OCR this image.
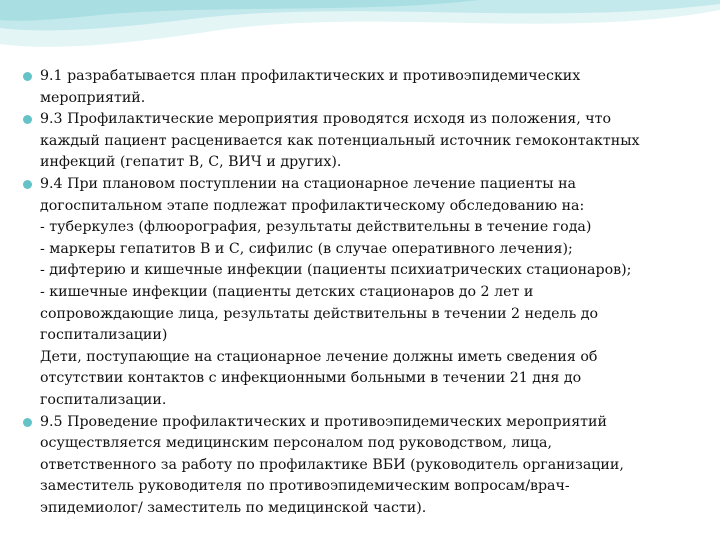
9.1 разрабатывается план профилактических и противоэпидемических
мероприятий.
9.3 Профилактические мероприятия проводятся исходя из положения, что
каждый пациент расценивается как потенциальный источник гемоконтактных
инфекций (гепатит В, С, ВИЧ и других).
9.4 При плановом поступлении на стационарное лечение пациенты на
догоспитальном этапе подлежат профилактическому обследованию на:
- туберкулез (флюорография, результаты действительны в течение года)
- маркеры гепатитов В и С, сифилис (в случае оперативного лечения);
- дифтерию и кишечные инфекции (пациенты психиатрических стационаров);
- кишечные инфекции (пациенты детских стационаров до 2 лет и
сопровождающие лица, результаты действительны в течении 2 недель до
госпитализации)
Дети, поступающие на стационарное лечение должны иметь сведения об
отсутствии контактов с инфекционными больными в течении 21 дня до
госпитализации.
9.5 Проведение профилактических и противоэпидемических мероприятий
осуществляется медицинским персоналом под руководством, лица,
ответственного за работу по профилактике ВБИ (руководитель организации,
заместитель руководителя по противоэпидемическим вопросам/врач-
эпидемиолог/ заместитель по медицинской части).
